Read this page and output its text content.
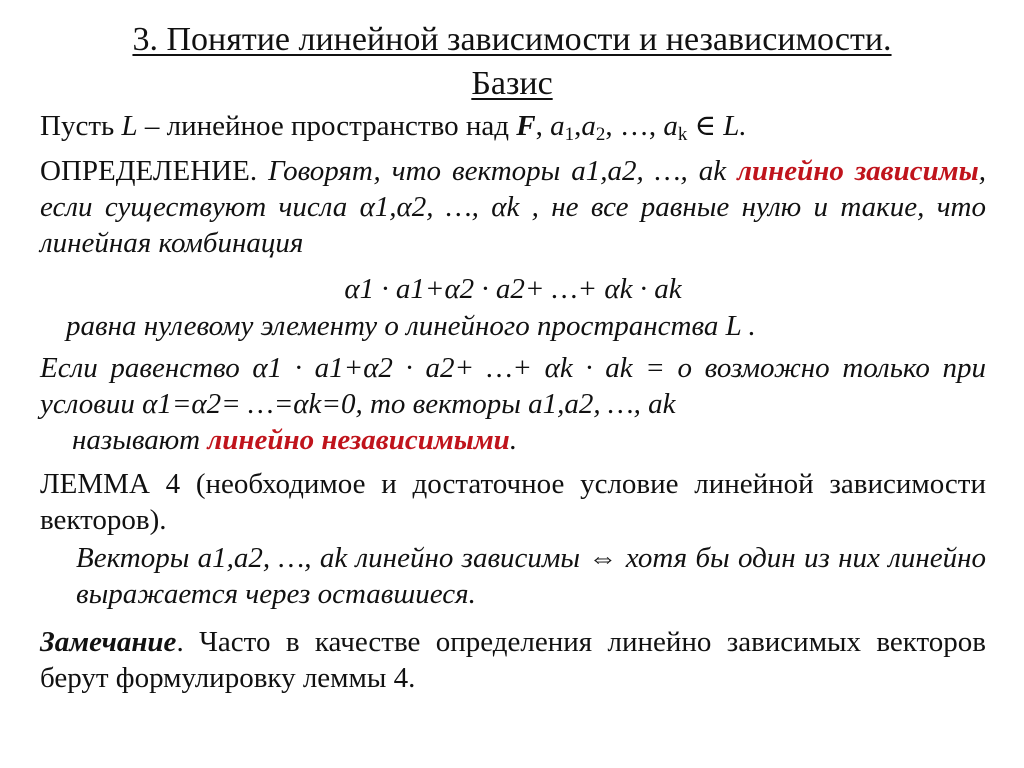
3. Понятие линейной зависимости и независимости.
Базис
Пусть L – линейное пространство над F, $a_1,a_2$, …, $a_k$ ∈ L.
ОПРЕДЕЛЕНИЕ. Говорят, что векторы a1,a2, …, ak линейно зависимы, если существуют числа α1,α2, …, αk , не все равные нулю и такие, что линейная комбинация
α1 · a1+α2 · a2+ …+ αk · ak
равна нулевому элементу о линейного пространства L .
Если равенство α1 · a1+α2 · a2+ …+ αk · ak = о возможно только при условии α1=α2= …=αk=0, то векторы a1,a2, …, ak
называют линейно независимыми.
ЛЕММА 4 (необходимое и достаточное условие линейной зависимости векторов).
Векторы a1,a2, …, ak линейно зависимы ⇔ хотя бы один из них линейно выражается через оставшиеся.
Замечание. Часто в качестве определения линейно зависимых векторов берут формулировку леммы 4.
